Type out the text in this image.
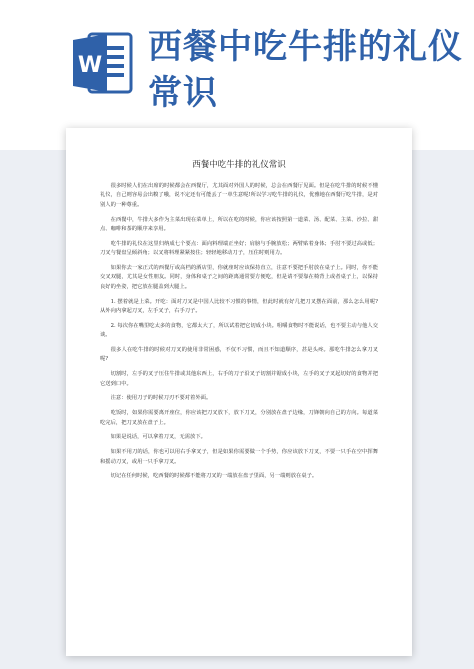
W 西餐中吃牛排的礼仪常识
西餐中吃牛排的礼仪常识

很多时候人们在出席的时候都会在西餐厅，尤其面对外国人的时候，总会在西餐厅见面。但是在吃牛排的时候不懂礼仪，自己则容易会出糗了哦，说不定还有可能丢了一单生意呢!所以学习吃牛排的礼仪，优雅地在西餐厅吃牛排，是对别人的一种尊重。

在西餐中，牛排大多作为主菜出现在菜单上，所以在吃的时候，你应该按照第一道菜、汤、配菜、主菜、沙拉、甜点、咖啡和茶的顺序来享用。

吃牛排的礼仪在这里归纳成七个要点：面向料理端正坐好；肩膀与手腕放松；两臂贴着身体；手肘不要过高或低；刀叉与餐盘呈倾斜角；以叉将料理紧紧按住；轻轻地移动刀子，压住时则用力。

如果你去一家正式的西餐厅或高档的酒店里，你就座时应该保持直立，注意不要把手肘放在桌子上。同时，你不能交叉双腿，尤其是女性朋友。同时，身体和桌子之间的距离通常要方便吃，但是请不要靠在椅背上或者桌子上，以保持良好的坐姿，把它放在腿盖到大腿上。

1. 摆着就是上菜。开吃：面对刀叉是中国人比较不习惯的事情，但此时就有好几把刀叉摆在面前，那么怎么用呢?从外向内拿起刀叉，左手叉子，右手刀子。

2. 每次你在嘴里吃太多的食物，它都太大了，所以试着把它切成小块。咀嚼食物时不能说话，也不要主动与他人交谈。

很多人在吃牛排的时候对刀叉的使用非常困惑，不仅不习惯，而且不知道顺序，甚是头疼。那吃牛排怎么拿刀叉呢?

切割时，左手的叉子压住牛排或其他东西上，右手的刀子沿叉子切割并锯成小块，左手的叉子叉起切好的食物并把它送到口中。

注意：使用刀子的时候刀刃不要对着外面。

吃饭时，如果你需要离开座位，你应该把刀叉放下，放下刀叉，分别放在盘子边缘，刀锋朝向自己的方向。每道菜吃完后，把刀叉放在盘子上。

如果是说话，可以拿着刀叉，无需放下。

如果不用刀的话，你也可以用右手拿叉子，但是如果你需要做一个手势，你应该放下刀叉，不要一只手在空中挥舞和摇动刀叉，或用一只手拿刀叉。

切记在任何时候，吃西餐的时候都不能将刀叉的一端放在盘子里面，另一端则放在桌子。
